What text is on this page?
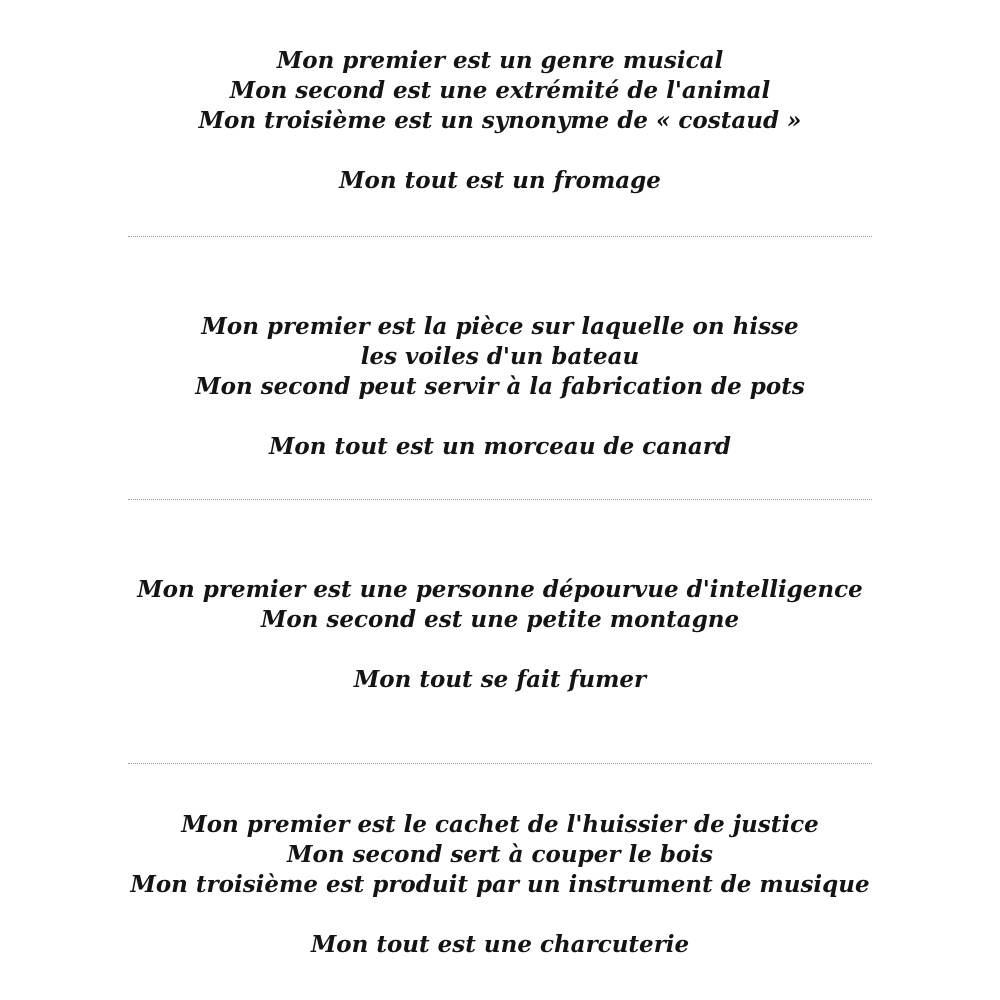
Mon premier est un genre musical
Mon second est une extrémité de l'animal
Mon troisième est un synonyme de « costaud »
Mon tout est un fromage
Mon premier est la pièce sur laquelle on hisse
les voiles d'un bateau
Mon second peut servir à la fabrication de pots
Mon tout est un morceau de canard
Mon premier est une personne dépourvue d'intelligence
Mon second est une petite montagne
Mon tout se fait fumer
Mon premier est le cachet de l'huissier de justice
Mon second sert à couper le bois
Mon troisième est produit par un instrument de musique
Mon tout est une charcuterie
